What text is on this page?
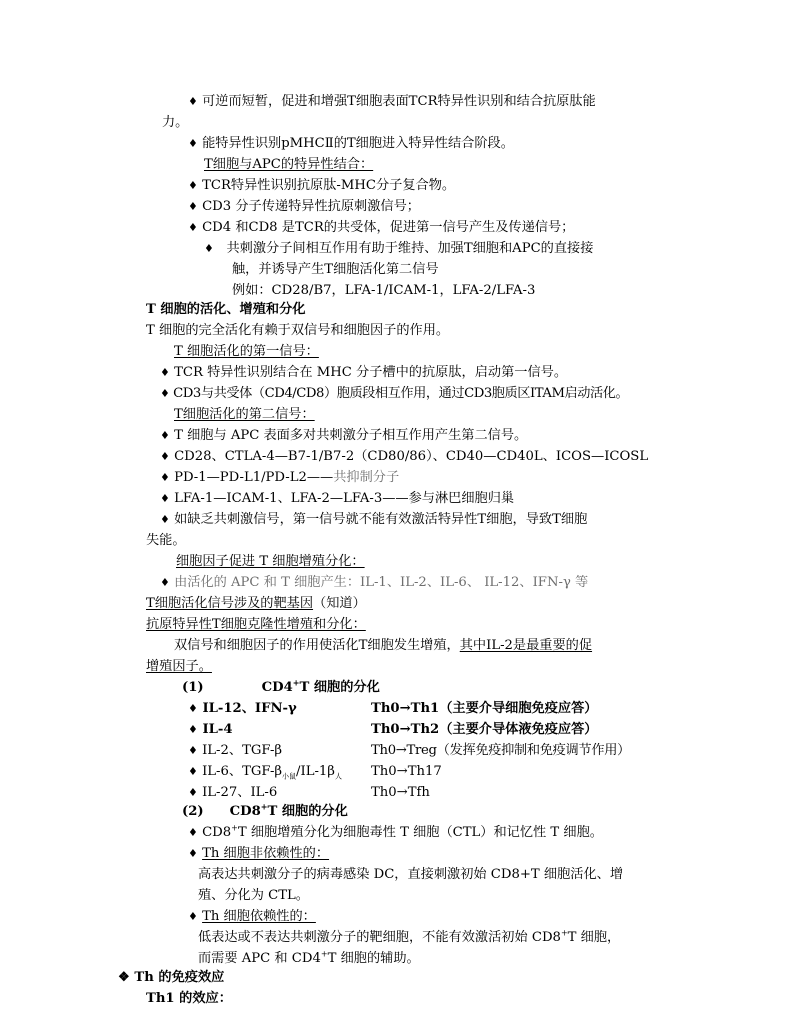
♦ 可逆而短暂，促进和增强T细胞表面TCR特异性识别和结合抗原肽能
力。
♦ 能特异性识别pMHCⅡ的T细胞进入特异性结合阶段。
T细胞与APC的特异性结合：
♦ TCR特异性识别抗原肽-MHC分子复合物。
♦ CD3 分子传递特异性抗原刺激信号；
♦ CD4 和CD8 是TCR的共受体，促进第一信号产生及传递信号；
♦ 共刺激分子间相互作用有助于维持、加强T细胞和APC的直接接
触，并诱导产生T细胞活化第二信号
例如：CD28/B7，LFA-1/ICAM-1，LFA-2/LFA-3
T 细胞的活化、增殖和分化
T 细胞的完全活化有赖于双信号和细胞因子的作用。
T 细胞活化的第一信号：
♦ TCR 特异性识别结合在 MHC 分子槽中的抗原肽，启动第一信号。
♦ CD3与共受体（CD4/CD8）胞质段相互作用，通过CD3胞质区ITAM启动活化。
T细胞活化的第二信号：
♦ T 细胞与 APC 表面多对共刺激分子相互作用产生第二信号。
♦ CD28、CTLA-4—B7-1/B7-2（CD80/86）、CD40—CD40L、ICOS—ICOSL
♦ PD-1—PD-L1/PD-L2——共抑制分子
♦ LFA-1—ICAM-1、LFA-2—LFA-3——参与淋巴细胞归巢
♦ 如缺乏共刺激信号，第一信号就不能有效激活特异性T细胞，导致T细胞
失能。
细胞因子促进 T 细胞增殖分化：
♦ 由活化的 APC 和 T 细胞产生：IL-1、IL-2、IL-6、 IL-12、IFN-γ 等
T细胞活化信号涉及的靶基因（知道）
抗原特异性T细胞克隆性增殖和分化：
双信号和细胞因子的作用使活化T细胞发生增殖，其中IL-2是最重要的促
增殖因子。
(1)	CD4+T 细胞的分化
♦ IL-12、IFN-γ	Th0→Th1（主要介导细胞免疫应答）
♦ IL-4	Th0→Th2（主要介导体液免疫应答）
♦ IL-2、TGF-β	Th0→Treg（发挥免疫抑制和免疫调节作用）
♦ IL-6、TGF-$\beta_{小鼠}/IL-1\beta_人$ Th0→Th17
♦ IL-27、IL-6	Th0→Tfh
(2) CD8+T 细胞的分化
♦ CD8+T 细胞增殖分化为细胞毒性 T 细胞（CTL）和记忆性 T 细胞。
♦ Th 细胞非依赖性的：
高表达共刺激分子的病毒感染 DC，直接刺激初始 CD8+T 细胞活化、增
殖、分化为 CTL。
♦ Th 细胞依赖性的：
低表达或不表达共刺激分子的靶细胞，不能有效激活初始 CD8+T 细胞，
而需要 APC 和 CD4+T 细胞的辅助。
❖ Th 的免疫效应
Th1 的效应：
